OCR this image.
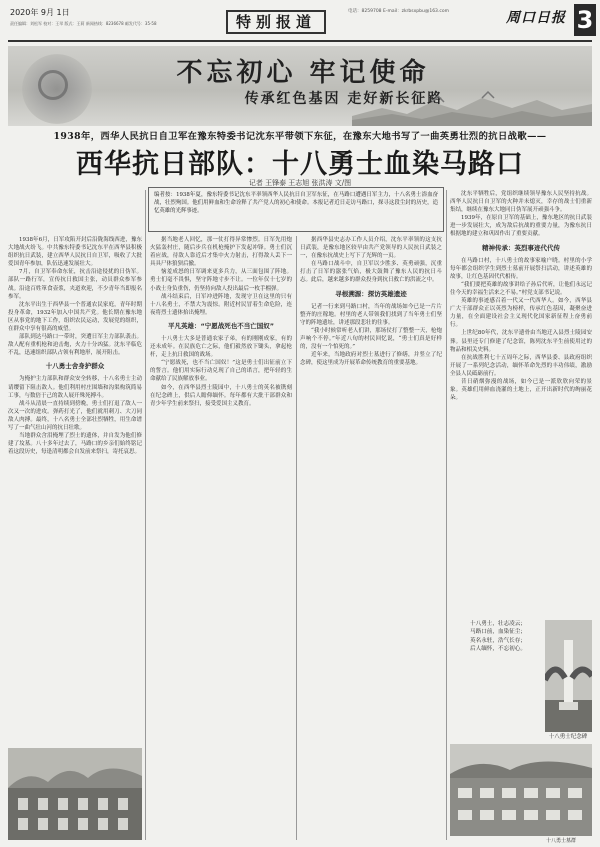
2020年 9月 1日
责任编辑：刘松军 校对：王翠 版式：王莉 新闻热线：8236678 邮发代号：35-58	特别报道
电话：8259708 E-mail：zkrbsxpbu@163.com	周口日报 3
不忘初心 牢记使命
传承红色基因 走好新长征路
1938年，西华人民抗日自卫军在豫东特委书记沈东平带领下东征，在豫东大地书写了一曲英勇壮烈的抗日战歌——
西华抗日部队：十八勇士血染马路口
记者 王锋泰 王志旭 张洪涛 文/图

编者按：1938年夏，豫东特委书记沈东平率领西华人民抗日自卫军东征，在马路口遭遇日军主力，十八名勇士浴血奋战，壮烈殉国。他们用鲜血和生命诠释了共产党人的初心和使命。本报记者近日走访马路口，探寻这段尘封的历史，追忆英雄的光辉事迹。

1938年6月，日军攻陷开封后沿陇海线西进，豫东大地战火纷飞。中共豫东特委书记沈东平在西华县积极组织抗日武装，建立西华人民抗日自卫军，吸收了大批爱国青年参加，队伍迅速发展壮大。

7月，自卫军奉命东征，抗击沿途侵扰的日伪军。部队一路行军，宣传抗日救国主张，动员群众参军参战。沿途百姓箪食壶浆，夹道欢迎，不少青年当即报名参军。

沈东平出生于西华县一个普通农民家庭，青年时期投身革命，1932年加入中国共产党。他长期在豫东地区从事党的地下工作，组织农民运动，发展党的组织，在群众中享有很高的威望。

部队到达马路口一带时，突遭日军主力部队袭击。敌人配有重机枪和迫击炮，火力十分凶猛。沈东平临危不乱，迅速组织部队占领有利地形，展开阻击。

十八勇士舍身护群众

为掩护主力部队和群众安全转移，十八名勇士主动请缨留下阻击敌人。他们利用村庄围墙和沟渠构筑简易工事，与数倍于己的敌人展开殊死搏斗。

战斗从清晨一直持续到傍晚，勇士们打退了敌人一次又一次的进攻。弹药打光了，他们就用刺刀、大刀同敌人肉搏。最终，十八名勇士全部壮烈牺牲，用生命谱写了一曲气壮山河的抗日壮歌。

当地群众含泪掩埋了烈士的遗体，并自发为他们修建了坟墓。八十多年过去了，马路口的乡亲们始终铭记着这段历史，每逢清明都会自发前来祭扫，寄托哀思。

据当地老人回忆，那一仗打得异常惨烈。日军先用炮火猛轰村庄，随后步兵在机枪掩护下发起冲锋。勇士们沉着应战，待敌人靠近后才集中火力射击，打得敌人丢下一具具尸体狼狈后撤。

恼羞成怒的日军调来更多兵力，从三面包围了阵地。勇士们毫不畏惧，坚守阵地寸步不让。一位年仅十七岁的小战士身负重伤，仍坚持向敌人投出最后一枚手榴弹。

战斗结束后，日军冲进阵地，发现守卫在这里的只有十八名勇士，不禁大为震惊。附近村民冒着生命危险，连夜将烈士遗体抬出掩埋。

平凡英雄：“宁愿战死也不当亡国奴”

十八勇士大多是普通农家子弟，有的刚刚成家，有的还未成年。在民族危亡之际，他们毅然放下锄头，拿起枪杆，走上抗日救国的战场。

“宁愿战死，也不当亡国奴！”这是勇士们出征前立下的誓言。他们用实际行动兑现了自己的诺言，把年轻的生命献给了民族解放事业。

如今，在西华县烈士陵园中，十八勇士的英名被镌刻在纪念碑上，供后人瞻仰缅怀。每年都有大批干部群众和青少年学生前来祭扫，接受爱国主义教育。

据西华县史志办工作人员介绍，沈东平率领的这支抗日武装，是豫东地区较早由共产党领导的人民抗日武装之一，在豫东抗战史上写下了光辉的一页。

在马路口战斗中，自卫军以少胜多、英勇顽强，沉重打击了日军的嚣张气焰，极大鼓舞了豫东人民的抗日斗志。此后，越来越多的群众投身到抗日救亡的洪流之中。

寻根溯源：探访英雄遗迹

记者一行来到马路口村，当年的战场如今已是一片片整齐的庄稼地。村里的老人带领我们找到了当年勇士们坚守的阵地遗址，讲述那段悲壮的往事。

“我小时候常听老人们讲，那场仗打了整整一天，枪炮声响个不停。”年近八旬的村民回忆说，“勇士们真是好样的，没有一个怕死的。”

近年来，当地政府对烈士墓进行了修缮，并竖立了纪念碑，使这里成为开展革命传统教育的重要基地。

沈东平牺牲后，党组织继续领导豫东人民坚持抗战。西华人民抗日自卫军的火种并未熄灭，幸存的战士们重新集结，继续在豫东大地同日伪军展开顽强斗争。

1939年，在原自卫军的基础上，豫东地区的抗日武装进一步发展壮大，成为敌后抗战的重要力量，为豫东抗日根据地的建立和巩固作出了重要贡献。

精神传承：英烈事迹代代传

在马路口村，十八勇士的故事家喻户晓。村里的小学每年都会组织学生到烈士墓前开展祭扫活动，讲述英雄的故事，让红色基因代代相传。

“我们要把英雄的故事讲给子孙后代听，让他们永远记住今天的幸福生活来之不易。”村党支部书记说。

英雄的事迹感召着一代又一代西华人。如今，西华县广大干部群众正以英烈为榜样，传承红色基因，凝聚奋进力量，在全面建设社会主义现代化国家新征程上奋勇前行。

上世纪80年代，沈东平遗骨由当地迁入县烈士陵园安葬。县里还专门修建了纪念馆，陈列沈东平生前使用过的物品和相关史料。

在抗战胜利七十五周年之际，西华县委、县政府组织开展了一系列纪念活动，缅怀革命先烈的丰功伟绩，激励全县人民砥砺前行。

昔日硝烟弥漫的战场，如今已是一派欣欣向荣的景象。英雄们用鲜血浇灌的土地上，正开出新时代的绚丽花朵。

十八勇士，壮志凌云；

马路口前，血染征尘；

英名永驻，浩气长存；

后人缅怀，不忘初心。

十八勇士纪念碑
十八勇士墓群
